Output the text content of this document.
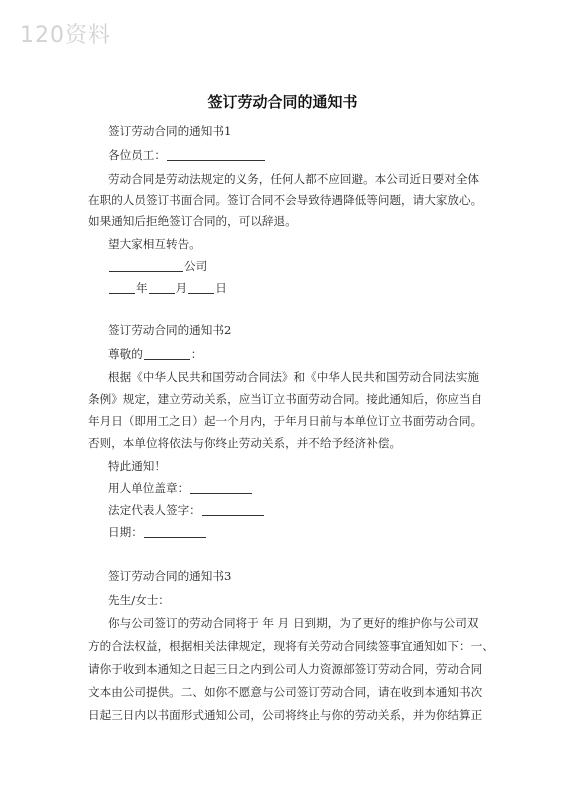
120资料
签订劳动合同的通知书
签订劳动合同的通知书1
各位员工：
劳动合同是劳动法规定的义务，任何人都不应回避。本公司近日要对全体
在职的人员签订书面合同。签订合同不会导致待遇降低等问题，请大家放心。
如果通知后拒绝签订合同的，可以辞退。
望大家相互转告。
公司
年 月 日
签订劳动合同的通知书2
尊敬的	：
根据《中华人民共和国劳动合同法》和《中华人民共和国劳动合同法实施
条例》规定，建立劳动关系，应当订立书面劳动合同。接此通知后，你应当自
年月日（即用工之日）起一个月内，于年月日前与本单位订立书面劳动合同。
否则，本单位将依法与你终止劳动关系，并不给予经济补偿。
特此通知！
用人单位盖章：
法定代表人签字：
日期：
签订劳动合同的通知书3
先生/女士：
你与公司签订的劳动合同将于 年 月 日到期，为了更好的维护你与公司双
方的合法权益，根据相关法律规定，现将有关劳动合同续签事宜通知如下：一、
请你于收到本通知之日起三日之内到公司人力资源部签订劳动合同，劳动合同
文本由公司提供。二、如你不愿意与公司签订劳动合同，请在收到本通知书次
日起三日内以书面形式通知公司，公司将终止与你的劳动关系，并为你结算正
